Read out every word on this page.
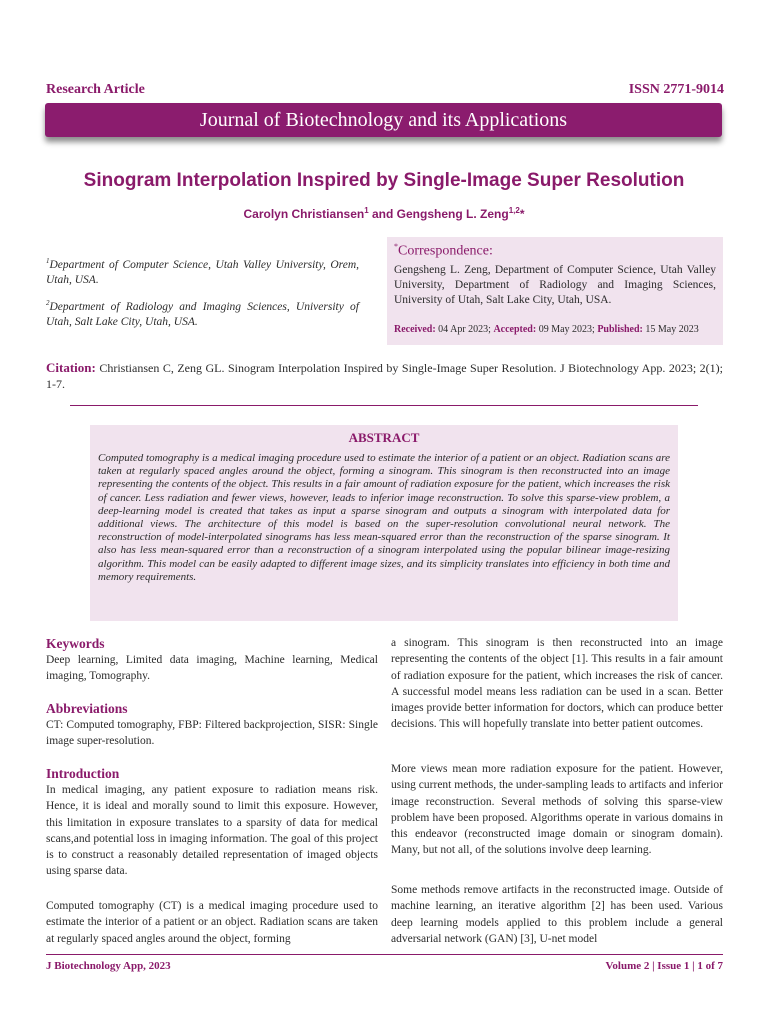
Research Article	ISSN 2771-9014
Journal of Biotechnology and its Applications
Sinogram Interpolation Inspired by Single-Image Super Resolution
Carolyn Christiansen$^1$ and Gengsheng L. Zeng$^{1,2}$*
$^1$Department of Computer Science, Utah Valley University, Orem, Utah, USA.
$^2$Department of Radiology and Imaging Sciences, University of Utah, Salt Lake City, Utah, USA.
*Correspondence:
Gengsheng L. Zeng, Department of Computer Science, Utah Valley University, Department of Radiology and Imaging Sciences, University of Utah, Salt Lake City, Utah, USA.
Received: 04 Apr 2023; Accepted: 09 May 2023; Published: 15 May 2023
Citation: Christiansen C, Zeng GL. Sinogram Interpolation Inspired by Single-Image Super Resolution. J Biotechnology App. 2023; 2(1); 1-7.
ABSTRACT
Computed tomography is a medical imaging procedure used to estimate the interior of a patient or an object. Radiation scans are taken at regularly spaced angles around the object, forming a sinogram. This sinogram is then reconstructed into an image representing the contents of the object. This results in a fair amount of radiation exposure for the patient, which increases the risk of cancer. Less radiation and fewer views, however, leads to inferior image reconstruction. To solve this sparse-view problem, a deep-learning model is created that takes as input a sparse sinogram and outputs a sinogram with interpolated data for additional views. The architecture of this model is based on the super-resolution convolutional neural network. The reconstruction of model-interpolated sinograms has less mean-squared error than the reconstruction of the sparse sinogram. It also has less mean-squared error than a reconstruction of a sinogram interpolated using the popular bilinear image-resizing algorithm. This model can be easily adapted to different image sizes, and its simplicity translates into efficiency in both time and memory requirements.
Keywords

Deep learning, Limited data imaging, Machine learning, Medical imaging, Tomography.

Abbreviations

CT: Computed tomography, FBP: Filtered backprojection, SISR: Single image super-resolution.

Introduction

In medical imaging, any patient exposure to radiation means risk. Hence, it is ideal and morally sound to limit this exposure. However, this limitation in exposure translates to a sparsity of data for medical scans,and potential loss in imaging information. The goal of this project is to construct a reasonably detailed representation of imaged objects using sparse data.

Computed tomography (CT) is a medical imaging procedure used to estimate the interior of a patient or an object. Radiation scans are taken at regularly spaced angles around the object, forming
a sinogram. This sinogram is then reconstructed into an image representing the contents of the object [1]. This results in a fair amount of radiation exposure for the patient, which increases the risk of cancer. A successful model means less radiation can be used in a scan. Better images provide better information for doctors, which can produce better decisions. This will hopefully translate into better patient outcomes.
More views mean more radiation exposure for the patient. However, using current methods, the under-sampling leads to artifacts and inferior image reconstruction. Several methods of solving this sparse-view problem have been proposed. Algorithms operate in various domains in this endeavor (reconstructed image domain or sinogram domain). Many, but not all, of the solutions involve deep learning.
Some methods remove artifacts in the reconstructed image. Outside of machine learning, an iterative algorithm [2] has been used. Various deep learning models applied to this problem include a general adversarial network (GAN) [3], U-net model
J Biotechnology App, 2023	Volume 2 | Issue 1 | 1 of 7
